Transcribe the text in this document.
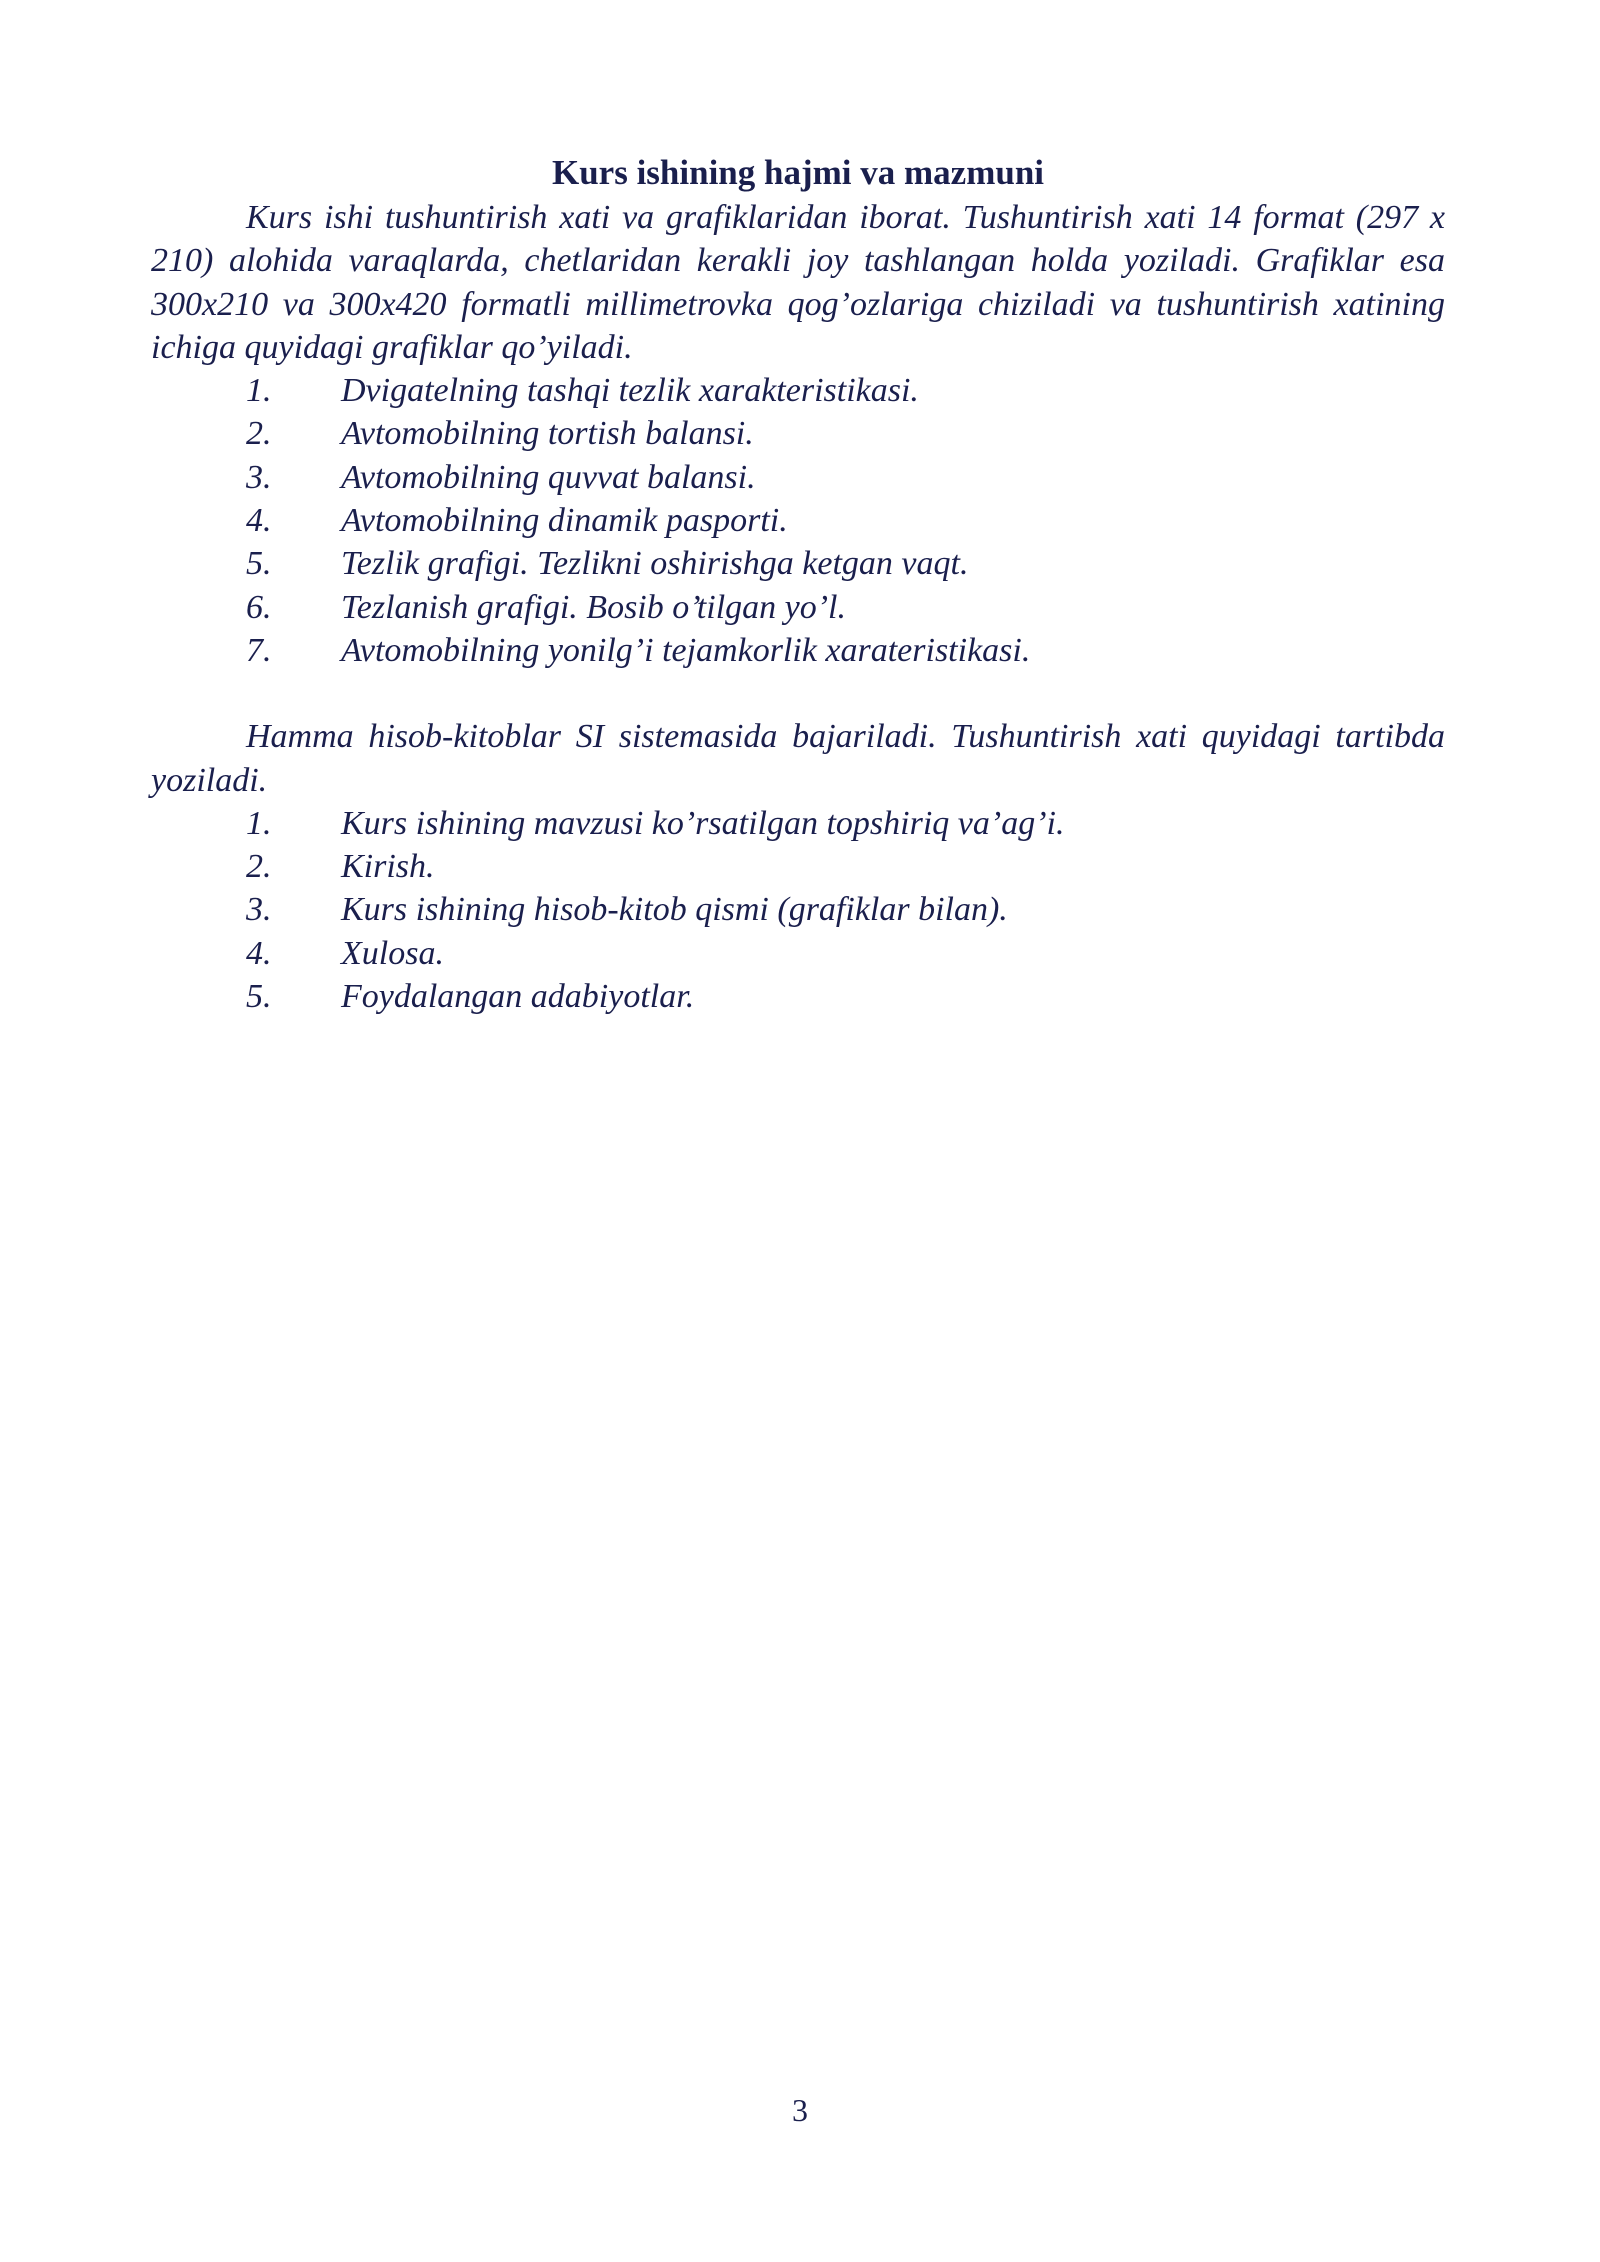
Kurs ishining hajmi va mazmuni

Kurs ishi tushuntirish xati va grafiklaridan iborat. Tushuntirish xati 14 format (297 x 210) alohida varaqlarda, chetlaridan kerakli joy tashlangan holda yoziladi. Grafiklar esa 300x210 va 300x420 formatli millimetrovka qog’ozlariga chiziladi va tushuntirish xatining ichiga quyidagi grafiklar qo’yiladi.

1.	Dvigatelning tashqi tezlik xarakteristikasi.
2.	Avtomobilning tortish balansi.
3.	Avtomobilning quvvat balansi.
4.	Avtomobilning dinamik pasporti.
5.	Tezlik grafigi. Tezlikni oshirishga ketgan vaqt.
6.	Tezlanish grafigi. Bosib o’tilgan yo’l.
7.	Avtomobilning yonilg’i tejamkorlik xarateristikasi.

Hamma hisob-kitoblar SI sistemasida bajariladi. Tushuntirish xati quyidagi tartibda yoziladi.

1.	Kurs ishining mavzusi ko’rsatilgan topshiriq va’ag’i.
2.	Kirish.
3.	Kurs ishining hisob-kitob qismi (grafiklar bilan).
4.	Xulosa.
5.	Foydalangan adabiyotlar.
3
